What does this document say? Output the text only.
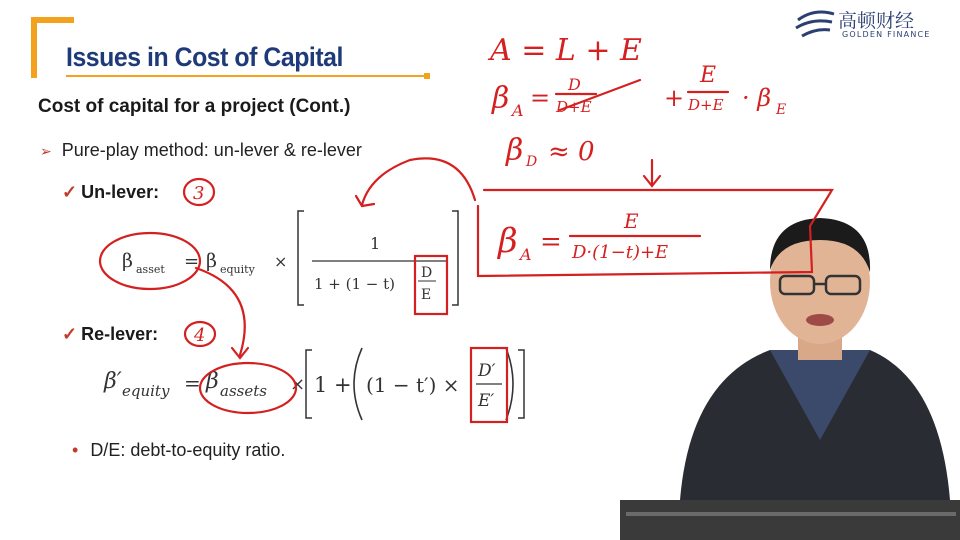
Issues in Cost of Capital
高顿财经
GOLDEN FINANCE
Cost of capital for a project (Cont.)
➢ Pure-play method: un-lever & re-lever
✓ Un-lever:
β asset = β equity ×
1
1 + (1 − t)
D
E
✓ Re-lever:
β′ equity = β assets × 1 + (1 − t′) ×
D′
E′
• D/E: debt-to-equity ratio.
A = L + E
β A = D
D+E	+
E
D+E · β E
β D ≈ 0
β A =
E
D·(1−t)+E
3
4
